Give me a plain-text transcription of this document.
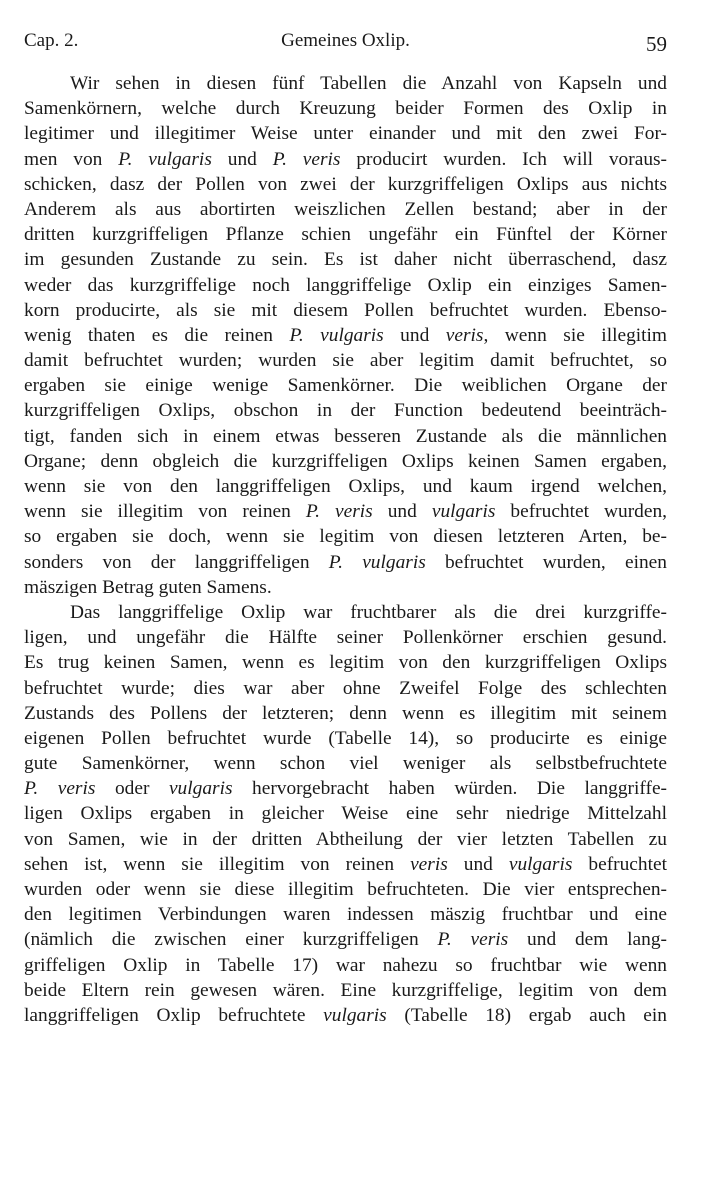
Cap. 2.	Gemeines Oxlip.	59
Wir sehen in diesen fünf Tabellen die Anzahl von Kapseln und
Samenkörnern, welche durch Kreuzung beider Formen des Oxlip in
legitimer und illegitimer Weise unter einander und mit den zwei For-
men von P. vulgaris und P. veris producirt wurden. Ich will voraus-
schicken, dasz der Pollen von zwei der kurzgriffeligen Oxlips aus nichts
Anderem als aus abortirten weiszlichen Zellen bestand; aber in der
dritten kurzgriffeligen Pflanze schien ungefähr ein Fünftel der Körner
im gesunden Zustande zu sein. Es ist daher nicht überraschend, dasz
weder das kurzgriffelige noch langgriffelige Oxlip ein einziges Samen-
korn producirte, als sie mit diesem Pollen befruchtet wurden. Ebenso-
wenig thaten es die reinen P. vulgaris und veris, wenn sie illegitim
damit befruchtet wurden; wurden sie aber legitim damit befruchtet, so
ergaben sie einige wenige Samenkörner. Die weiblichen Organe der
kurzgriffeligen Oxlips, obschon in der Function bedeutend beeinträch-
tigt, fanden sich in einem etwas besseren Zustande als die männlichen
Organe; denn obgleich die kurzgriffeligen Oxlips keinen Samen ergaben,
wenn sie von den langgriffeligen Oxlips, und kaum irgend welchen,
wenn sie illegitim von reinen P. veris und vulgaris befruchtet wurden,
so ergaben sie doch, wenn sie legitim von diesen letzteren Arten, be-
sonders von der langgriffeligen P. vulgaris befruchtet wurden, einen
mäszigen Betrag guten Samens.
Das langgriffelige Oxlip war fruchtbarer als die drei kurzgriffe-
ligen, und ungefähr die Hälfte seiner Pollenkörner erschien gesund.
Es trug keinen Samen, wenn es legitim von den kurzgriffeligen Oxlips
befruchtet wurde; dies war aber ohne Zweifel Folge des schlechten
Zustands des Pollens der letzteren; denn wenn es illegitim mit seinem
eigenen Pollen befruchtet wurde (Tabelle 14), so producirte es einige
gute Samenkörner, wenn schon viel weniger als selbstbefruchtete
P. veris oder vulgaris hervorgebracht haben würden. Die langgriffe-
ligen Oxlips ergaben in gleicher Weise eine sehr niedrige Mittelzahl
von Samen, wie in der dritten Abtheilung der vier letzten Tabellen zu
sehen ist, wenn sie illegitim von reinen veris und vulgaris befruchtet
wurden oder wenn sie diese illegitim befruchteten. Die vier entsprechen-
den legitimen Verbindungen waren indessen mäszig fruchtbar und eine
(nämlich die zwischen einer kurzgriffeligen P. veris und dem lang-
griffeligen Oxlip in Tabelle 17) war nahezu so fruchtbar wie wenn
beide Eltern rein gewesen wären. Eine kurzgriffelige, legitim von dem
langgriffeligen Oxlip befruchtete vulgaris (Tabelle 18) ergab auch ein
